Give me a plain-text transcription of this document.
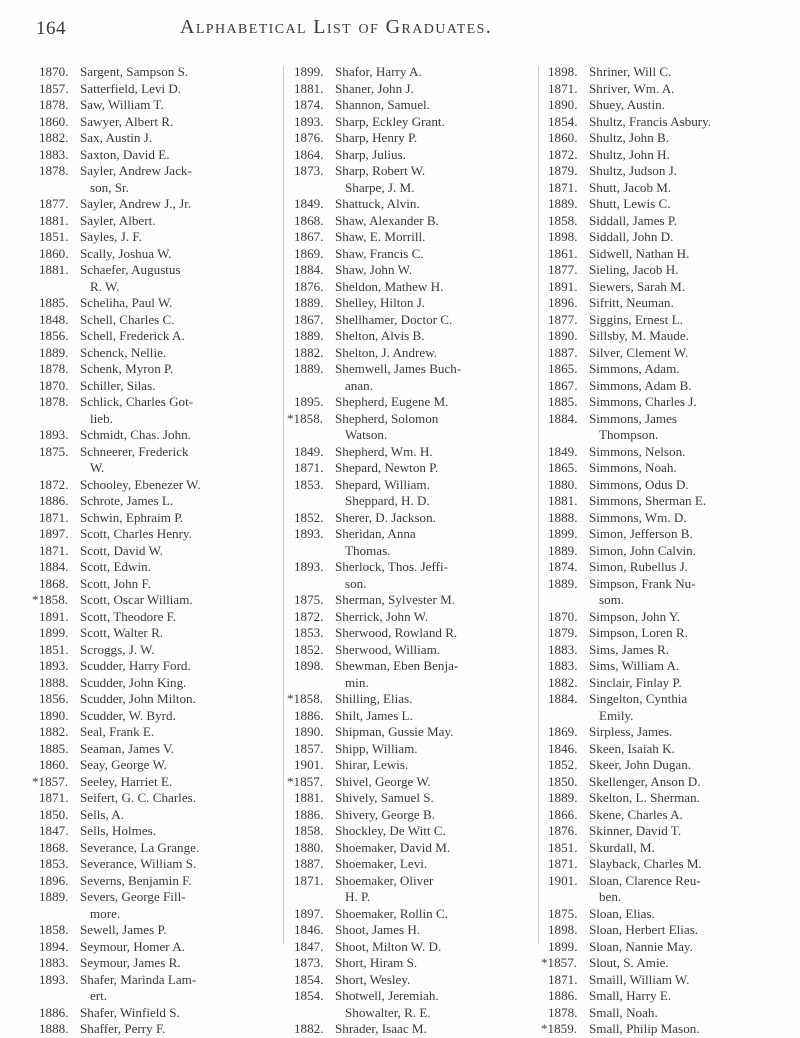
164	Alphabetical List of Graduates.
1870. Sargent, Sampson S.
1857. Satterfield, Levi D.
1878. Saw, William T.
1860. Sawyer, Albert R.
1882. Sax, Austin J.
1883. Saxton, David E.
1878. Sayler, Andrew Jack-
son, Sr.
1877. Sayler, Andrew J., Jr.
1881. Sayler, Albert.
1851. Sayles, J. F.
1860. Scally, Joshua W.
1881. Schaefer, Augustus
R. W.
1885. Scheliha, Paul W.
1848. Schell, Charles C.
1856. Schell, Frederick A.
1889. Schenck, Nellie.
1878. Schenk, Myron P.
1870. Schiller, Silas.
1878. Schlick, Charles Got-
lieb.
1893. Schmidt, Chas. John.
1875. Schneerer, Frederick
W.
1872. Schooley, Ebenezer W.
1886. Schrote, James L.
1871. Schwin, Ephraim P.
1897. Scott, Charles Henry.
1871. Scott, David W.
1884. Scott, Edwin.
1868. Scott, John F.
*1858. Scott, Oscar William.
1891. Scott, Theodore F.
1899. Scott, Walter R.
1851. Scroggs, J. W.
1893. Scudder, Harry Ford.
1888. Scudder, John King.
1856. Scudder, John Milton.
1890. Scudder, W. Byrd.
1882. Seal, Frank E.
1885. Seaman, James V.
1860. Seay, George W.
*1857. Seeley, Harriet E.
1871. Seifert, G. C. Charles.
1850. Sells, A.
1847. Sells, Holmes.
1868. Severance, La Grange.
1853. Severance, William S.
1896. Severns, Benjamin F.
1889. Severs, George Fill-
more.
1858. Sewell, James P.
1894. Seymour, Homer A.
1883. Seymour, James R.
1893. Shafer, Marinda Lam-
ert.
1886. Shafer, Winfield S.
1888. Shaffer, Perry F.
1899. Shafor, Harry A.
1881. Shaner, John J.
1874. Shannon, Samuel.
1893. Sharp, Eckley Grant.
1876. Sharp, Henry P.
1864. Sharp, Julius.
1873. Sharp, Robert W.
Sharpe, J. M.
1849. Shattuck, Alvin.
1868. Shaw, Alexander B.
1867. Shaw, E. Morrill.
1869. Shaw, Francis C.
1884. Shaw, John W.
1876. Sheldon, Mathew H.
1889. Shelley, Hilton J.
1867. Shellhamer, Doctor C.
1889. Shelton, Alvis B.
1882. Shelton, J. Andrew.
1889. Shemwell, James Buch-
anan.
1895. Shepherd, Eugene M.
*1858. Shepherd, Solomon
Watson.
1849. Shepherd, Wm. H.
1871. Shepard, Newton P.
1853. Shepard, William.
Sheppard, H. D.
1852. Sherer, D. Jackson.
1893. Sheridan, Anna
Thomas.
1893. Sherlock, Thos. Jeffi-
son.
1875. Sherman, Sylvester M.
1872. Sherrick, John W.
1853. Sherwood, Rowland R.
1852. Sherwood, William.
1898. Shewman, Eben Benja-
min.
*1858. Shilling, Elias.
1886. Shilt, James L.
1890. Shipman, Gussie May.
1857. Shipp, William.
1901. Shirar, Lewis.
*1857. Shivel, George W.
1881. Shively, Samuel S.
1886. Shivery, George B.
1858. Shockley, De Witt C.
1880. Shoemaker, David M.
1887. Shoemaker, Levi.
1871. Shoemaker, Oliver
H. P.
1897. Shoemaker, Rollin C.
1846. Shoot, James H.
1847. Shoot, Milton W. D.
1873. Short, Hiram S.
1854. Short, Wesley.
1854. Shotwell, Jeremiah.
Showalter, R. E.
1882. Shrader, Isaac M.
1898. Shriner, Will C.
1871. Shriver, Wm. A.
1890. Shuey, Austin.
1854. Shultz, Francis Asbury.
1860. Shultz, John B.
1872. Shultz, John H.
1879. Shultz, Judson J.
1871. Shutt, Jacob M.
1889. Shutt, Lewis C.
1858. Siddall, James P.
1898. Siddall, John D.
1861. Sidwell, Nathan H.
1877. Sieling, Jacob H.
1891. Siewers, Sarah M.
1896. Sifritt, Neuman.
1877. Siggins, Ernest L.
1890. Sillsby, M. Maude.
1887. Silver, Clement W.
1865. Simmons, Adam.
1867. Simmons, Adam B.
1885. Simmons, Charles J.
1884. Simmons, James
Thompson.
1849. Simmons, Nelson.
1865. Simmons, Noah.
1880. Simmons, Odus D.
1881. Simmons, Sherman E.
1888. Simmons, Wm. D.
1899. Simon, Jefferson B.
1889. Simon, John Calvin.
1874. Simon, Rubellus J.
1889. Simpson, Frank Nu-
som.
1870. Simpson, John Y.
1879. Simpson, Loren R.
1883. Sims, James R.
1883. Sims, William A.
1882. Sinclair, Finlay P.
1884. Singelton, Cynthia
Emily.
1869. Sirpless, James.
1846. Skeen, Isaiah K.
1852. Skeer, John Dugan.
1850. Skellenger, Anson D.
1889. Skelton, L. Sherman.
1866. Skene, Charles A.
1876. Skinner, David T.
1851. Skurdall, M.
1871. Slayback, Charles M.
1901. Sloan, Clarence Reu-
ben.
1875. Sloan, Elias.
1898. Sloan, Herbert Elias.
1899. Sloan, Nannie May.
*1857. Slout, S. Amie.
1871. Smaill, William W.
1886. Small, Harry E.
1878. Small, Noah.
*1859. Small, Philip Mason.
